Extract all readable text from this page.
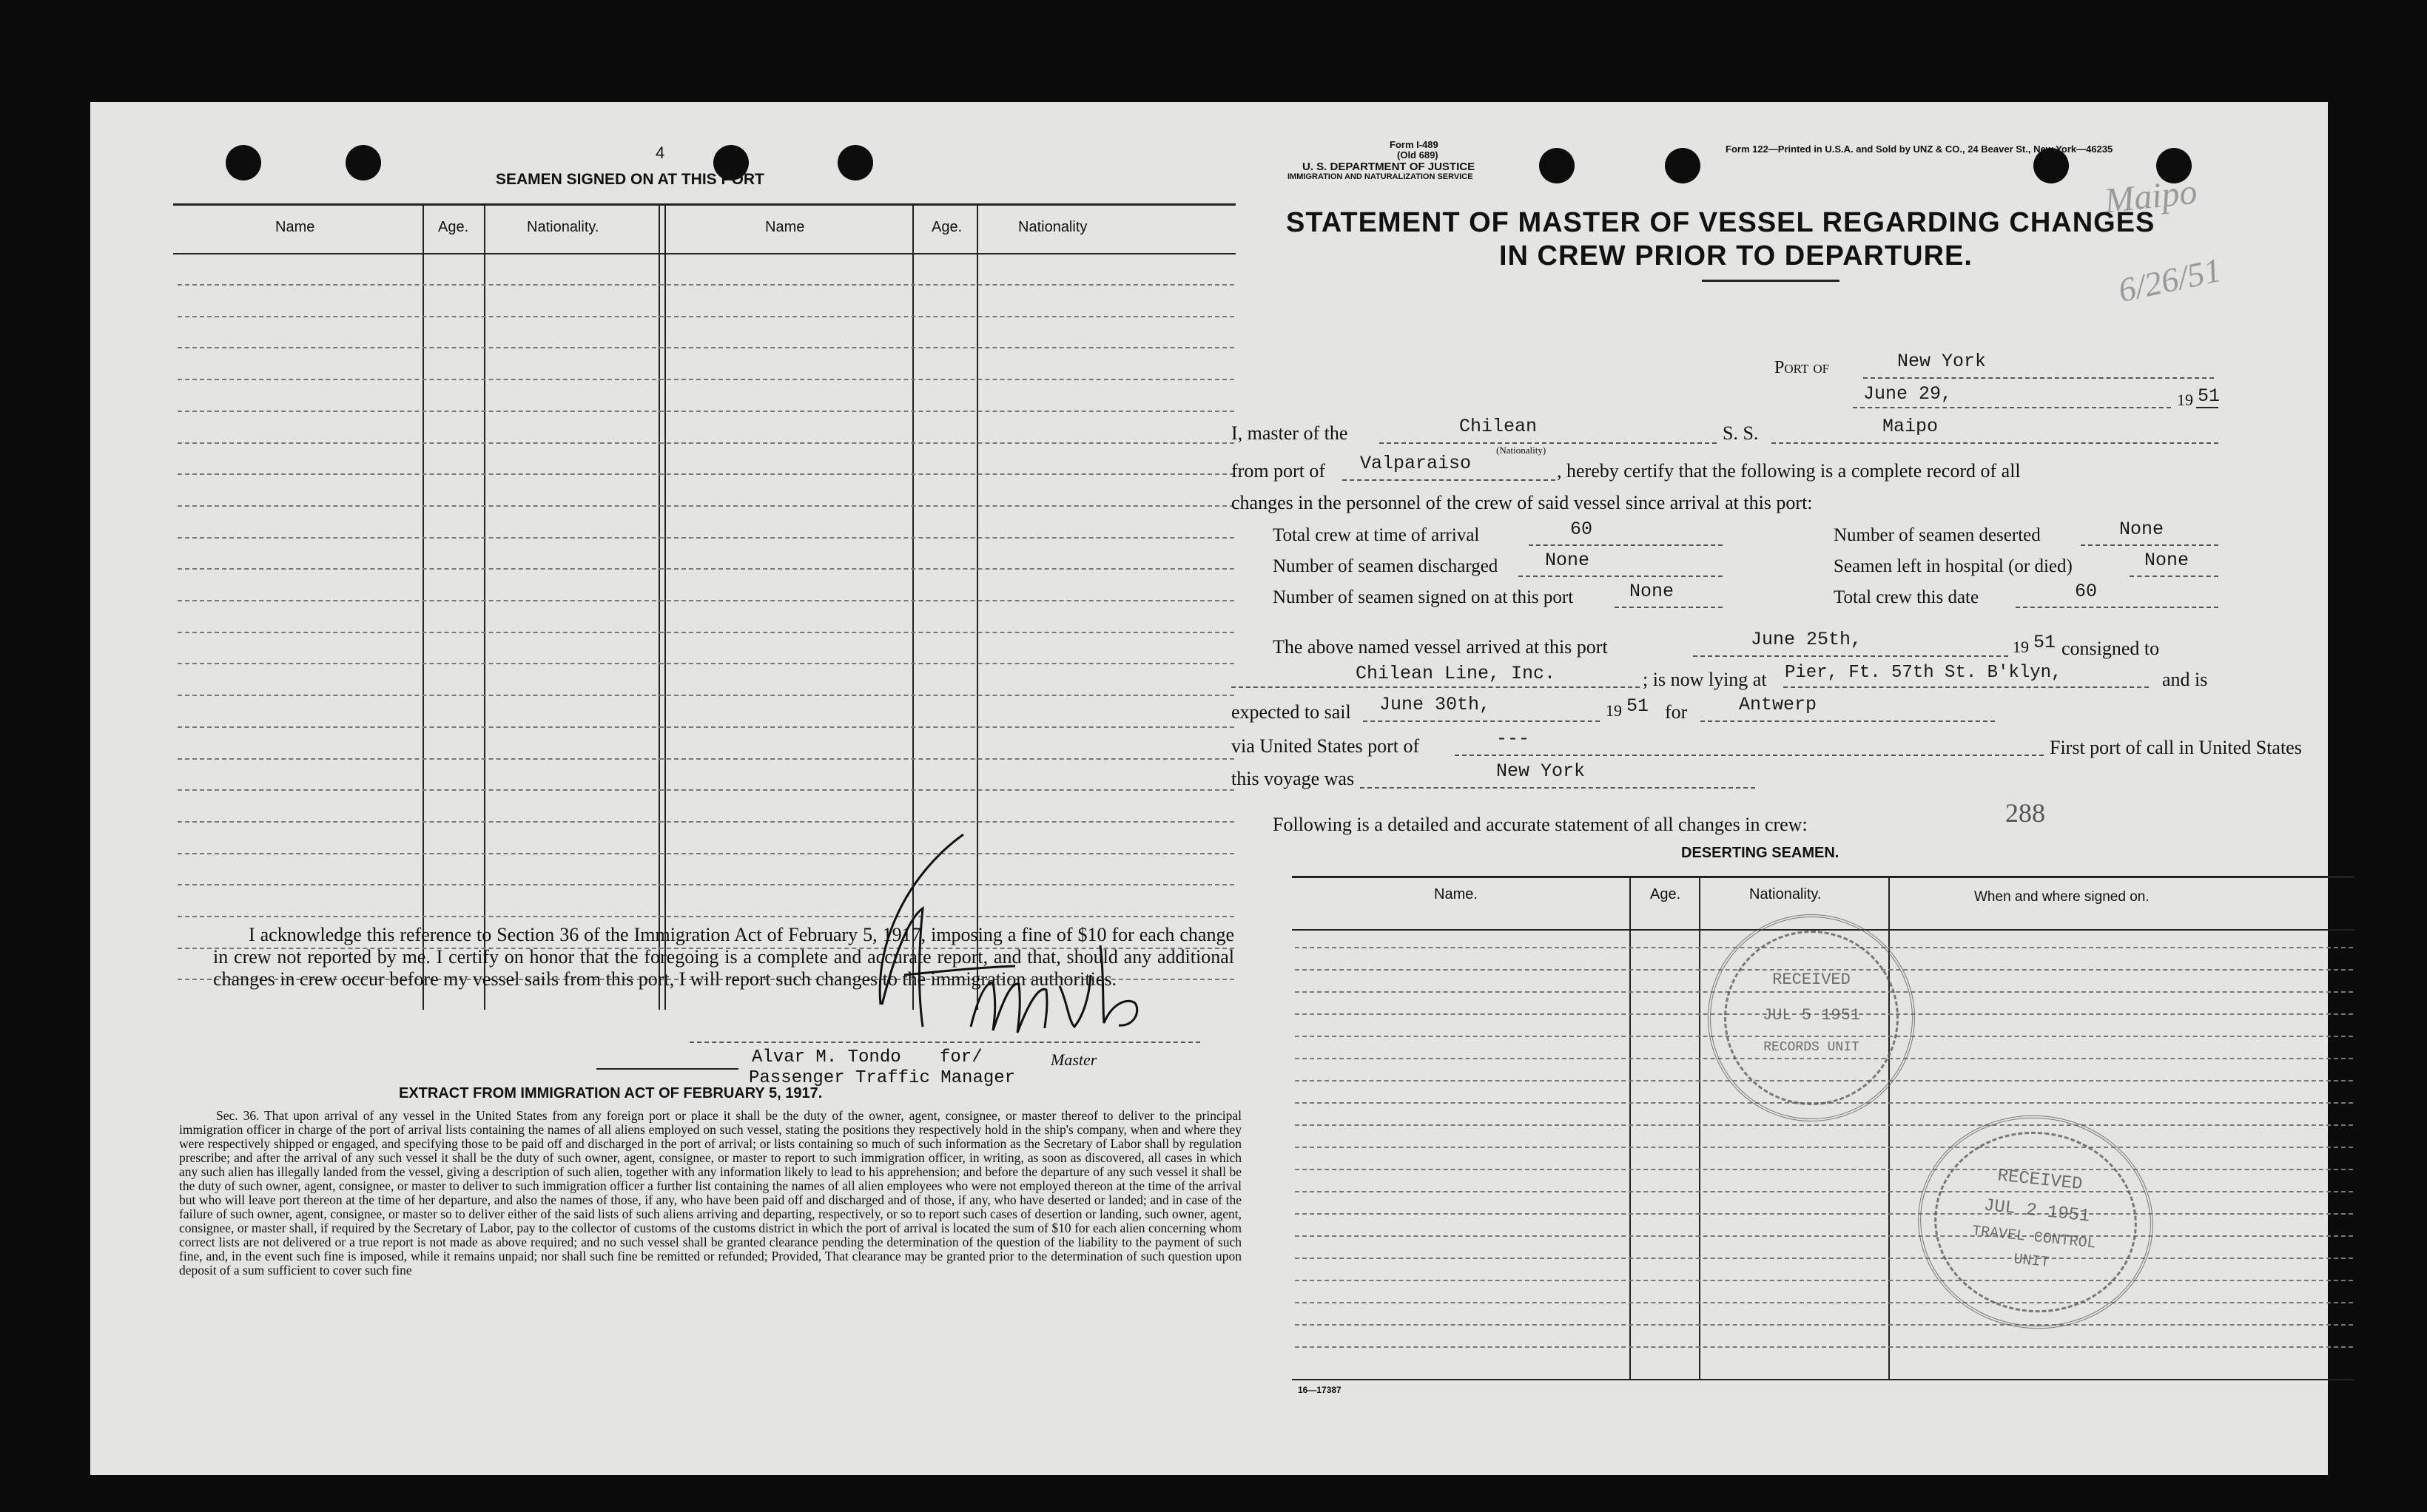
4
SEAMEN SIGNED ON AT THIS PORT
Name	Age.	Nationality.	Name	Age.	Nationality
I acknowledge this reference to Section 36 of the Immigration Act of February 5, 1917, imposing a fine of $10 for each change in crew not reported by me. I certify on honor that the foregoing is a complete and accurate report, and that, should any additional changes in crew occur before my vessel sails from this port, I will report such changes to the immigration authorities.
Alvar M. Tondo for/	Master
Passenger Traffic Manager
EXTRACT FROM IMMIGRATION ACT OF FEBRUARY 5, 1917.
Sec. 36. That upon arrival of any vessel in the United States from any foreign port or place it shall be the duty of the owner, agent, consignee, or master thereof to deliver to the principal immigration officer in charge of the port of arrival lists containing the names of all aliens employed on such vessel, stating the positions they respectively hold in the ship's company, when and where they were respectively shipped or engaged, and specifying those to be paid off and discharged in the port of arrival; or lists containing so much of such information as the Secretary of Labor shall by regulation prescribe; and after the arrival of any such vessel it shall be the duty of such owner, agent, consignee, or master to report to such immigration officer, in writing, as soon as discovered, all cases in which any such alien has illegally landed from the vessel, giving a description of such alien, together with any information likely to lead to his apprehension; and before the departure of any such vessel it shall be the duty of such owner, agent, consignee, or master to deliver to such immigration officer a further list containing the names of all alien employees who were not employed thereon at the time of the arrival but who will leave port thereon at the time of her departure, and also the names of those, if any, who have been paid off and discharged and of those, if any, who have deserted or landed; and in case of the failure of such owner, agent, consignee, or master so to deliver either of the said lists of such aliens arriving and departing, respectively, or so to report such cases of desertion or landing, such owner, agent, consignee, or master shall, if required by the Secretary of Labor, pay to the collector of customs of the customs district in which the port of arrival is located the sum of $10 for each alien concerning whom correct lists are not delivered or a true report is not made as above required; and no such vessel shall be granted clearance pending the determination of the question of the liability to the payment of such fine, and, in the event such fine is imposed, while it remains unpaid; nor shall such fine be remitted or refunded; Provided, That clearance may be granted prior to the determination of such question upon deposit of a sum sufficient to cover such fine
Form I-489
(Old 689)
U. S. DEPARTMENT OF JUSTICE
IMMIGRATION AND NATURALIZATION SERVICE
Form 122—Printed in U.S.A. and Sold by UNZ & CO., 24 Beaver St., New York—46235
Maipo
6/26/51
STATEMENT OF MASTER OF VESSEL REGARDING CHANGES
IN CREW PRIOR TO DEPARTURE.
Port of	New York
June 29,	19 51
I, master of the	Chilean
(Nationality)
S. S.	Maipo
from port of Valparaiso	, hereby certify that the following is a complete record of all
changes in the personnel of the crew of said vessel since arrival at this port:
Total crew at time of arrival	60	Number of seamen deserted	None
Number of seamen discharged	None	Seamen left in hospital (or died)	None
Number of seamen signed on at this port	None	Total crew this date	60
The above named vessel arrived at this port	June 25th,	19 51 consigned to
Chilean Line, Inc.	; is now lying at Pier, Ft. 57th St. B'klyn,	and is
expected to sail June 30th,	19 51 for	Antwerp
via United States port of	---	First port of call in United States
this voyage was	New York
Following is a detailed and accurate statement of all changes in crew:	288
DESERTING SEAMEN.
Name.	Age.	Nationality.	When and where signed on.
16—17387
RECEIVED
JUL 5 1951
RECORDS UNIT
RECEIVED
JUL 2 1951
TRAVEL CONTROL
UNIT
